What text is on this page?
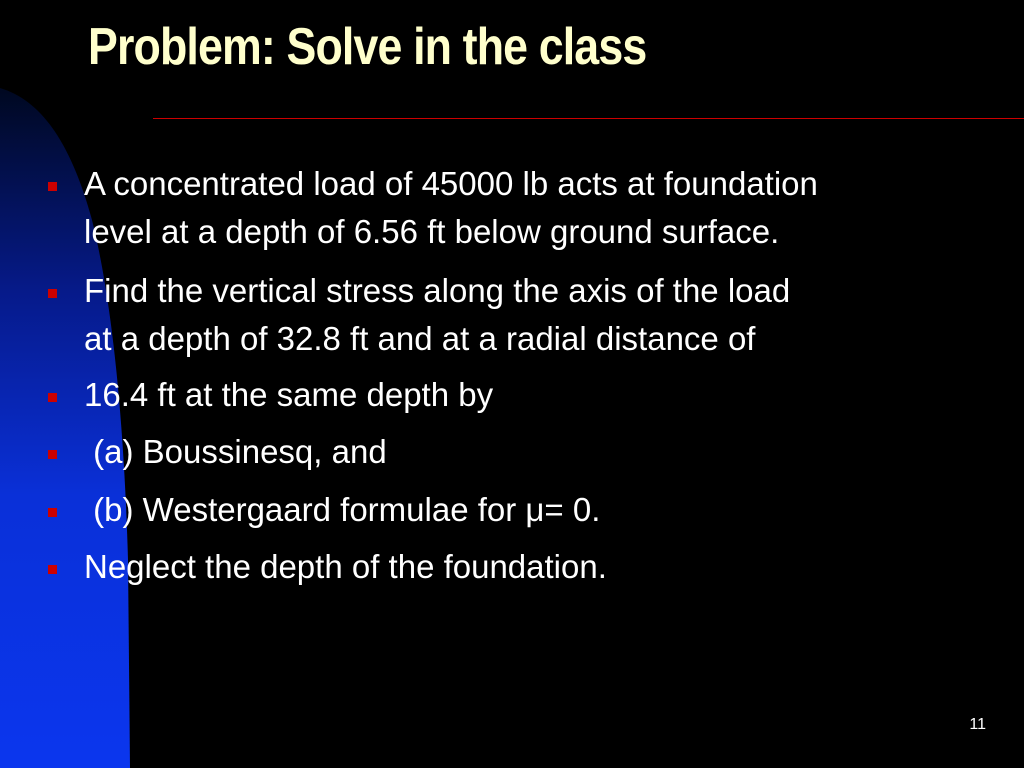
Problem: Solve in the class
A concentrated load of 45000 lb acts at foundation
level at a depth of 6.56 ft below ground surface.
Find the vertical stress along the axis of the load
at a depth of 32.8 ft and at a radial distance of
16.4 ft at the same depth by
(a) Boussinesq, and
(b) Westergaard formulae for μ= 0.
Neglect the depth of the foundation.
11
